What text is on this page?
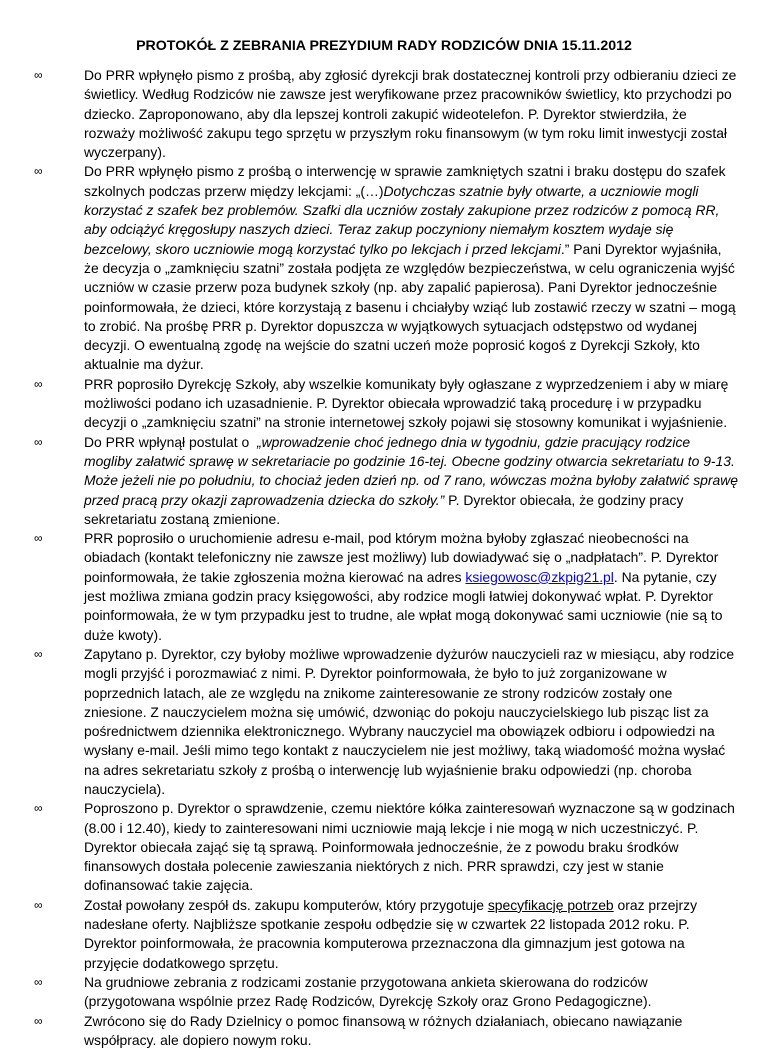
PROTOKÓŁ Z ZEBRANIA PREZYDIUM RADY RODZICÓW DNIA 15.11.2012
∞	Do PRR wpłynęło pismo z prośbą, aby zgłosić dyrekcji brak dostatecznej kontroli przy odbieraniu dzieci ze świetlicy. Według Rodziców nie zawsze jest weryfikowane przez pracowników świetlicy, kto przychodzi po dziecko. Zaproponowano, aby dla lepszej kontroli zakupić wideotelefon. P. Dyrektor stwierdziła, że rozważy możliwość zakupu tego sprzętu w przyszłym roku finansowym (w tym roku limit inwestycji został wyczerpany).
∞	Do PRR wpłynęło pismo z prośbą o interwencję w sprawie zamkniętych szatni i braku dostępu do szafek szkolnych podczas przerw między lekcjami: „(…)Dotychczas szatnie były otwarte, a uczniowie mogli korzystać z szafek bez problemów. Szafki dla uczniów zostały zakupione przez rodziców z pomocą RR, aby odciążyć kręgosłupy naszych dzieci. Teraz zakup poczyniony niemałym kosztem wydaje się bezcelowy, skoro uczniowie mogą korzystać tylko po lekcjach i przed lekcjami.” Pani Dyrektor wyjaśniła, że decyzja o „zamknięciu szatni” została podjęta ze względów bezpieczeństwa, w celu ograniczenia wyjść uczniów w czasie przerw poza budynek szkoły (np. aby zapalić papierosa). Pani Dyrektor jednocześnie poinformowała, że dzieci, które korzystają z basenu i chciałyby wziąć lub zostawić rzeczy w szatni – mogą to zrobić. Na prośbę PRR p. Dyrektor dopuszcza w wyjątkowych sytuacjach odstępstwo od wydanej decyzji. O ewentualną zgodę na wejście do szatni uczeń może poprosić kogoś z Dyrekcji Szkoły, kto aktualnie ma dyżur.
∞	PRR poprosiło Dyrekcję Szkoły, aby wszelkie komunikaty były ogłaszane z wyprzedzeniem i aby w miarę możliwości podano ich uzasadnienie. P. Dyrektor obiecała wprowadzić taką procedurę i w przypadku decyzji o „zamknięciu szatni” na stronie internetowej szkoły pojawi się stosowny komunikat i wyjaśnienie.
∞	Do PRR wpłynął postulat o  „wprowadzenie choć jednego dnia w tygodniu, gdzie pracujący rodzice mogliby załatwić sprawę w sekretariacie po godzinie 16-tej. Obecne godziny otwarcia sekretariatu to 9-13. Może jeżeli nie po południu, to chociaż jeden dzień np. od 7 rano, wówczas można byłoby załatwić sprawę przed pracą przy okazji zaprowadzenia dziecka do szkoły.” P. Dyrektor obiecała, że godziny pracy sekretariatu zostaną zmienione.
∞	PRR poprosiło o uruchomienie adresu e-mail, pod którym można byłoby zgłaszać nieobecności na obiadach (kontakt telefoniczny nie zawsze jest możliwy) lub dowiadywać się o „nadpłatach”. P. Dyrektor poinformowała, że takie zgłoszenia można kierować na adres ksiegowosc@zkpig21.pl. Na pytanie, czy jest możliwa zmiana godzin pracy księgowości, aby rodzice mogli łatwiej dokonywać wpłat. P. Dyrektor poinformowała, że w tym przypadku jest to trudne, ale wpłat mogą dokonywać sami uczniowie (nie są to duże kwoty).
∞	Zapytano p. Dyrektor, czy byłoby możliwe wprowadzenie dyżurów nauczycieli raz w miesiącu, aby rodzice mogli przyjść i porozmawiać z nimi. P. Dyrektor poinformowała, że było to już zorganizowane w poprzednich latach, ale ze względu na znikome zainteresowanie ze strony rodziców zostały one zniesione. Z nauczycielem można się umówić, dzwoniąc do pokoju nauczycielskiego lub pisząc list za pośrednictwem dziennika elektronicznego. Wybrany nauczyciel ma obowiązek odbioru i odpowiedzi na wysłany e-mail. Jeśli mimo tego kontakt z nauczycielem nie jest możliwy, taką wiadomość można wysłać na adres sekretariatu szkoły z prośbą o interwencję lub wyjaśnienie braku odpowiedzi (np. choroba nauczyciela).
∞	Poproszono p. Dyrektor o sprawdzenie, czemu niektóre kółka zainteresowań wyznaczone są w godzinach (8.00 i 12.40), kiedy to zainteresowani nimi uczniowie mają lekcje i nie mogą w nich uczestniczyć. P. Dyrektor obiecała zająć się tą sprawą. Poinformowała jednocześnie, że z powodu braku środków finansowych dostała polecenie zawieszania niektórych z nich. PRR sprawdzi, czy jest w stanie dofinansować takie zajęcia.
∞	Został powołany zespół ds. zakupu komputerów, który przygotuje specyfikację potrzeb oraz przejrzy nadesłane oferty. Najbliższe spotkanie zespołu odbędzie się w czwartek 22 listopada 2012 roku. P. Dyrektor poinformowała, że pracownia komputerowa przeznaczona dla gimnazjum jest gotowa na przyjęcie dodatkowego sprzętu.
∞	Na grudniowe zebrania z rodzicami zostanie przygotowana ankieta skierowana do rodziców (przygotowana wspólnie przez Radę Rodziców, Dyrekcję Szkoły oraz Grono Pedagogiczne).
∞	Zwrócono się do Rady Dzielnicy o pomoc finansową w różnych działaniach, obiecano nawiązanie współpracy. ale dopiero nowym roku.
